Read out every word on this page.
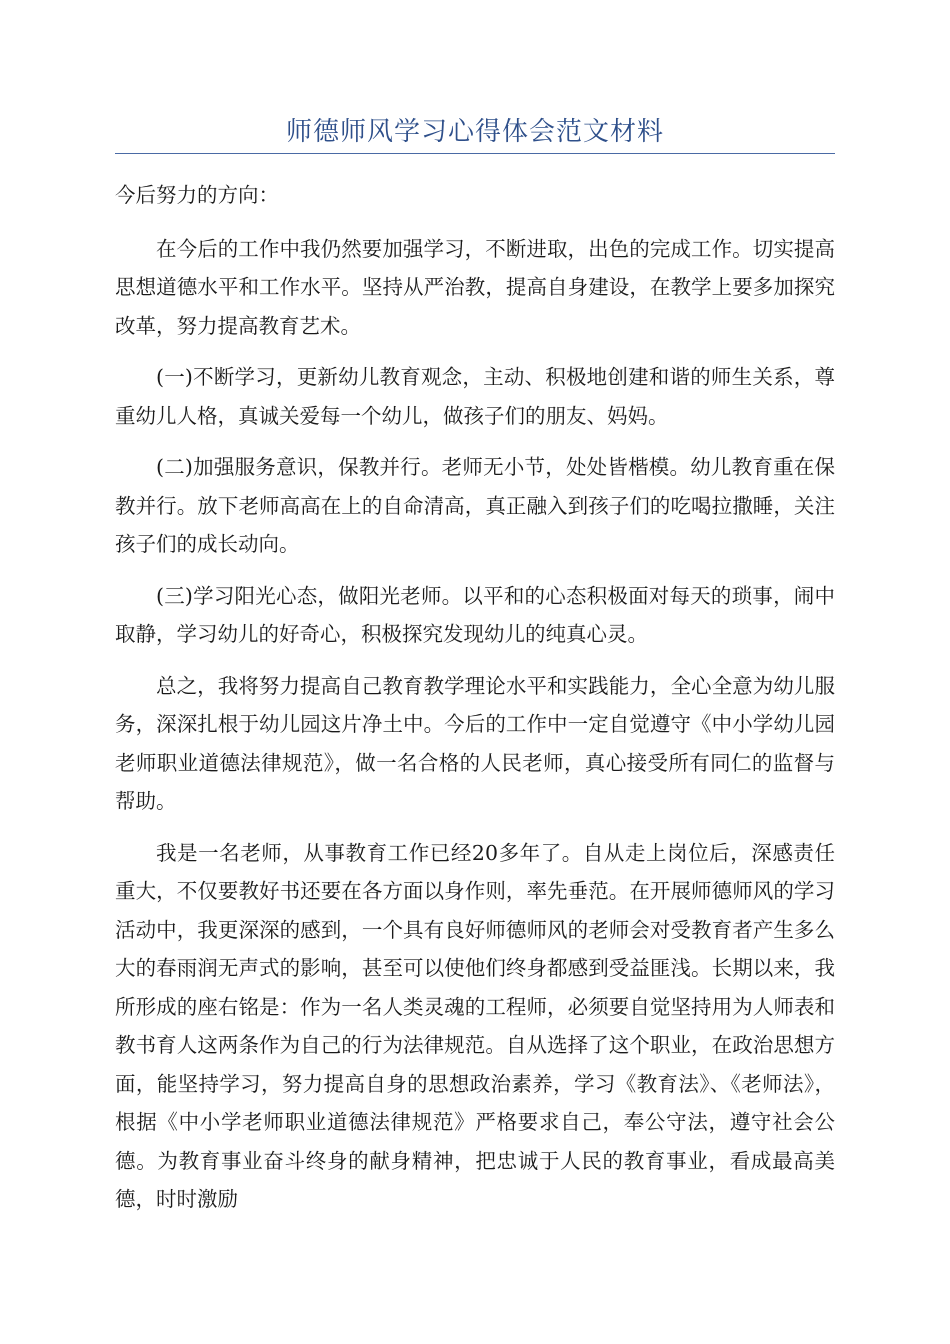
师德师风学习心得体会范文材料

今后努力的方向：

在今后的工作中我仍然要加强学习，不断进取，出色的完成工作。切实提高思想道德水平和工作水平。坚持从严治教，提高自身建设，在教学上要多加探究改革，努力提高教育艺术。

(一)不断学习，更新幼儿教育观念，主动、积极地创建和谐的师生关系，尊重幼儿人格，真诚关爱每一个幼儿，做孩子们的朋友、妈妈。

(二)加强服务意识，保教并行。老师无小节，处处皆楷模。幼儿教育重在保教并行。放下老师高高在上的自命清高，真正融入到孩子们的吃喝拉撒睡，关注孩子们的成长动向。

(三)学习阳光心态，做阳光老师。以平和的心态积极面对每天的琐事，闹中取静，学习幼儿的好奇心，积极探究发现幼儿的纯真心灵。

总之，我将努力提高自己教育教学理论水平和实践能力，全心全意为幼儿服务，深深扎根于幼儿园这片净土中。今后的工作中一定自觉遵守《中小学幼儿园老师职业道德法律规范》，做一名合格的人民老师，真心接受所有同仁的监督与帮助。

我是一名老师，从事教育工作已经20多年了。自从走上岗位后，深感责任重大，不仅要教好书还要在各方面以身作则，率先垂范。在开展师德师风的学习活动中，我更深深的感到，一个具有良好师德师风的老师会对受教育者产生多么大的春雨润无声式的影响，甚至可以使他们终身都感到受益匪浅。长期以来，我所形成的座右铭是：作为一名人类灵魂的工程师，必须要自觉坚持用为人师表和教书育人这两条作为自己的行为法律规范。自从选择了这个职业，在政治思想方面，能坚持学习，努力提高自身的思想政治素养，学习《教育法》、《老师法》，根据《中小学老师职业道德法律规范》严格要求自己，奉公守法，遵守社会公德。为教育事业奋斗终身的献身精神，把忠诚于人民的教育事业，看成最高美德，时时激励
